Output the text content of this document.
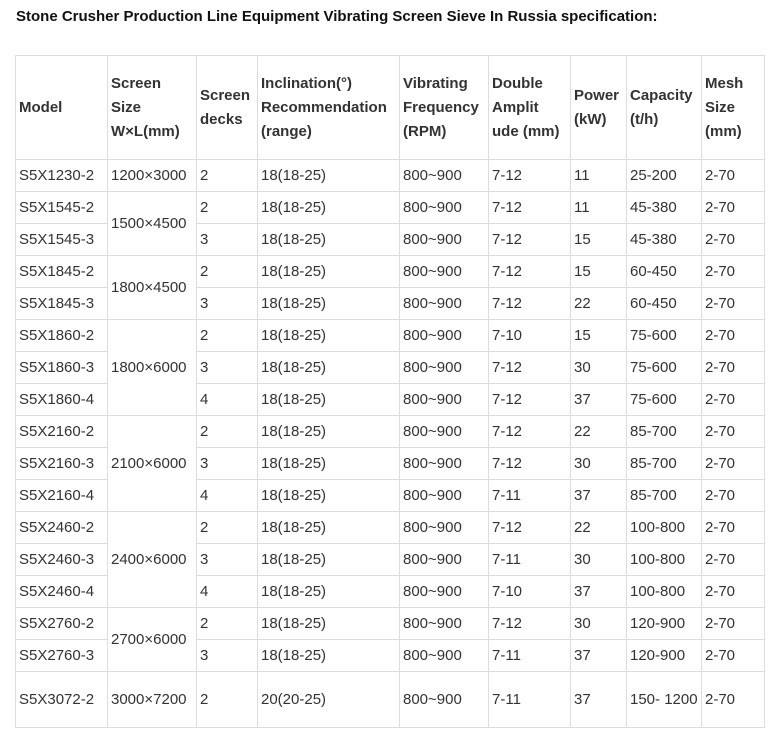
Stone Crusher Production Line Equipment Vibrating Screen Sieve In Russia specification:
Model	Screen Size W×L(mm)	Screen decks	Inclination(°) Recommendation (range)	Vibrating Frequency (RPM)	Double Amplit ude (mm)	Power (kW)	Capacity (t/h)	Mesh Size (mm)
S5X1230-2	1200×3000	2	18(18-25)	800~900	7-12	11	25-200	2-70
S5X1545-2	1500×4500	2	18(18-25)	800~900	7-12	11	45-380	2-70
S5X1545-3		3	18(18-25)	800~900	7-12	15	45-380	2-70
S5X1845-2	1800×4500	2	18(18-25)	800~900	7-12	15	60-450	2-70
S5X1845-3		3	18(18-25)	800~900	7-12	22	60-450	2-70
S5X1860-2	1800×6000	2	18(18-25)	800~900	7-10	15	75-600	2-70
S5X1860-3		3	18(18-25)	800~900	7-12	30	75-600	2-70
S5X1860-4		4	18(18-25)	800~900	7-12	37	75-600	2-70
S5X2160-2	2100×6000	2	18(18-25)	800~900	7-12	22	85-700	2-70
S5X2160-3		3	18(18-25)	800~900	7-12	30	85-700	2-70
S5X2160-4		4	18(18-25)	800~900	7-11	37	85-700	2-70
S5X2460-2	2400×6000	2	18(18-25)	800~900	7-12	22	100-800	2-70
S5X2460-3		3	18(18-25)	800~900	7-11	30	100-800	2-70
S5X2460-4		4	18(18-25)	800~900	7-10	37	100-800	2-70
S5X2760-2	2700×6000	2	18(18-25)	800~900	7-12	30	120-900	2-70
S5X2760-3		3	18(18-25)	800~900	7-11	37	120-900	2-70
S5X3072-2	3000×7200	2	20(20-25)	800~900	7-11	37	150- 1200	2-70
